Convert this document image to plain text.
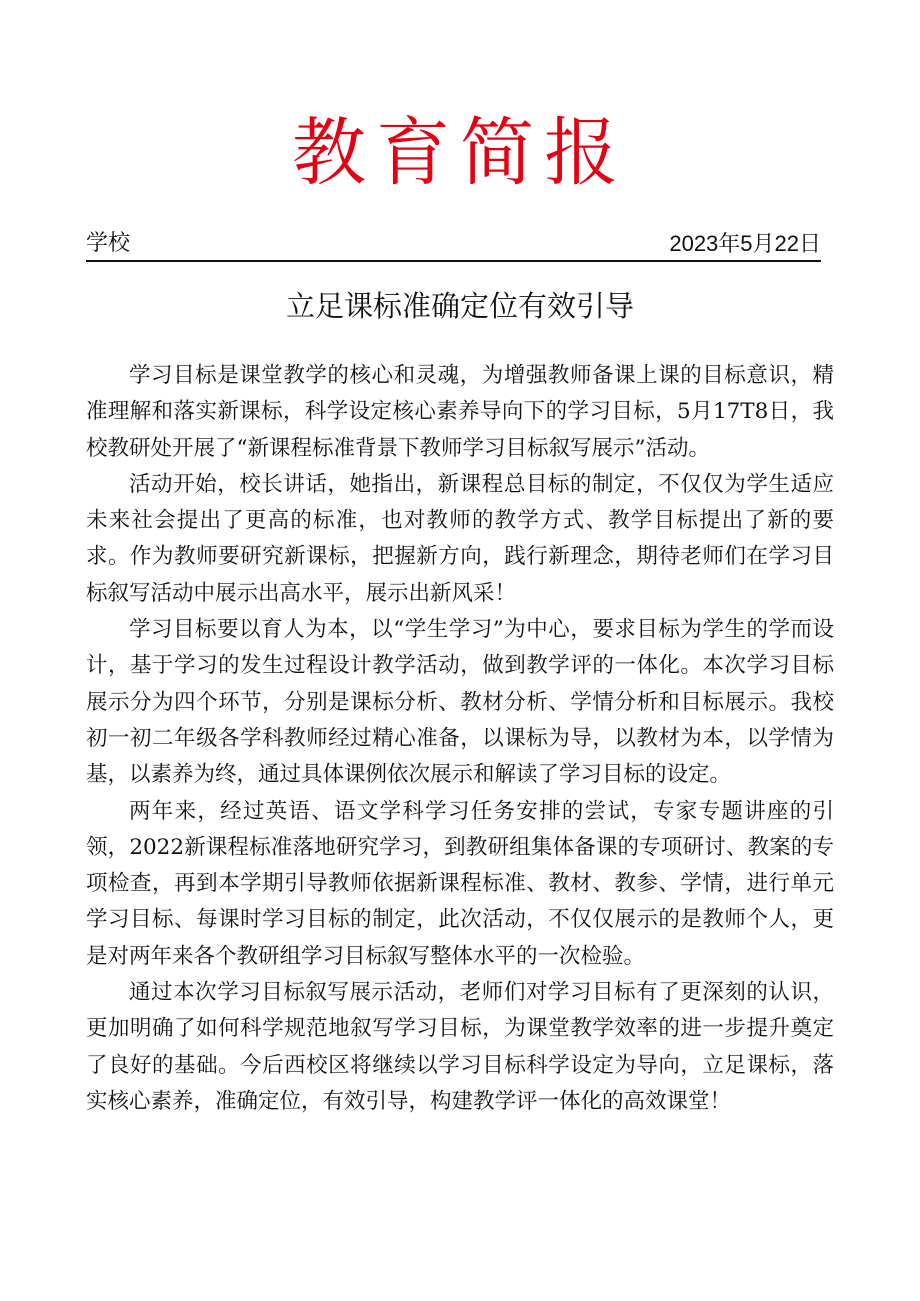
教育简报
学校	2023年5月22日
立足课标准确定位有效引导

学习目标是课堂教学的核心和灵魂，为增强教师备课上课的目标意识，精准理解和落实新课标，科学设定核心素养导向下的学习目标，5月17T8日，我校教研处开展了“新课程标准背景下教师学习目标叙写展示”活动。

活动开始，校长讲话，她指出，新课程总目标的制定，不仅仅为学生适应未来社会提出了更高的标准，也对教师的教学方式、教学目标提出了新的要求。作为教师要研究新课标，把握新方向，践行新理念，期待老师们在学习目标叙写活动中展示出高水平，展示出新风采！

学习目标要以育人为本，以“学生学习”为中心，要求目标为学生的学而设计，基于学习的发生过程设计教学活动，做到教学评的一体化。本次学习目标展示分为四个环节，分别是课标分析、教材分析、学情分析和目标展示。我校初一初二年级各学科教师经过精心准备，以课标为导，以教材为本，以学情为基，以素养为终，通过具体课例依次展示和解读了学习目标的设定。

两年来，经过英语、语文学科学习任务安排的尝试，专家专题讲座的引领，2022新课程标准落地研究学习，到教研组集体备课的专项研讨、教案的专项检查，再到本学期引导教师依据新课程标准、教材、教参、学情，进行单元学习目标、每课时学习目标的制定，此次活动，不仅仅展示的是教师个人，更是对两年来各个教研组学习目标叙写整体水平的一次检验。

通过本次学习目标叙写展示活动，老师们对学习目标有了更深刻的认识，更加明确了如何科学规范地叙写学习目标，为课堂教学效率的进一步提升奠定了良好的基础。今后西校区将继续以学习目标科学设定为导向，立足课标，落实核心素养，准确定位，有效引导，构建教学评一体化的高效课堂！
